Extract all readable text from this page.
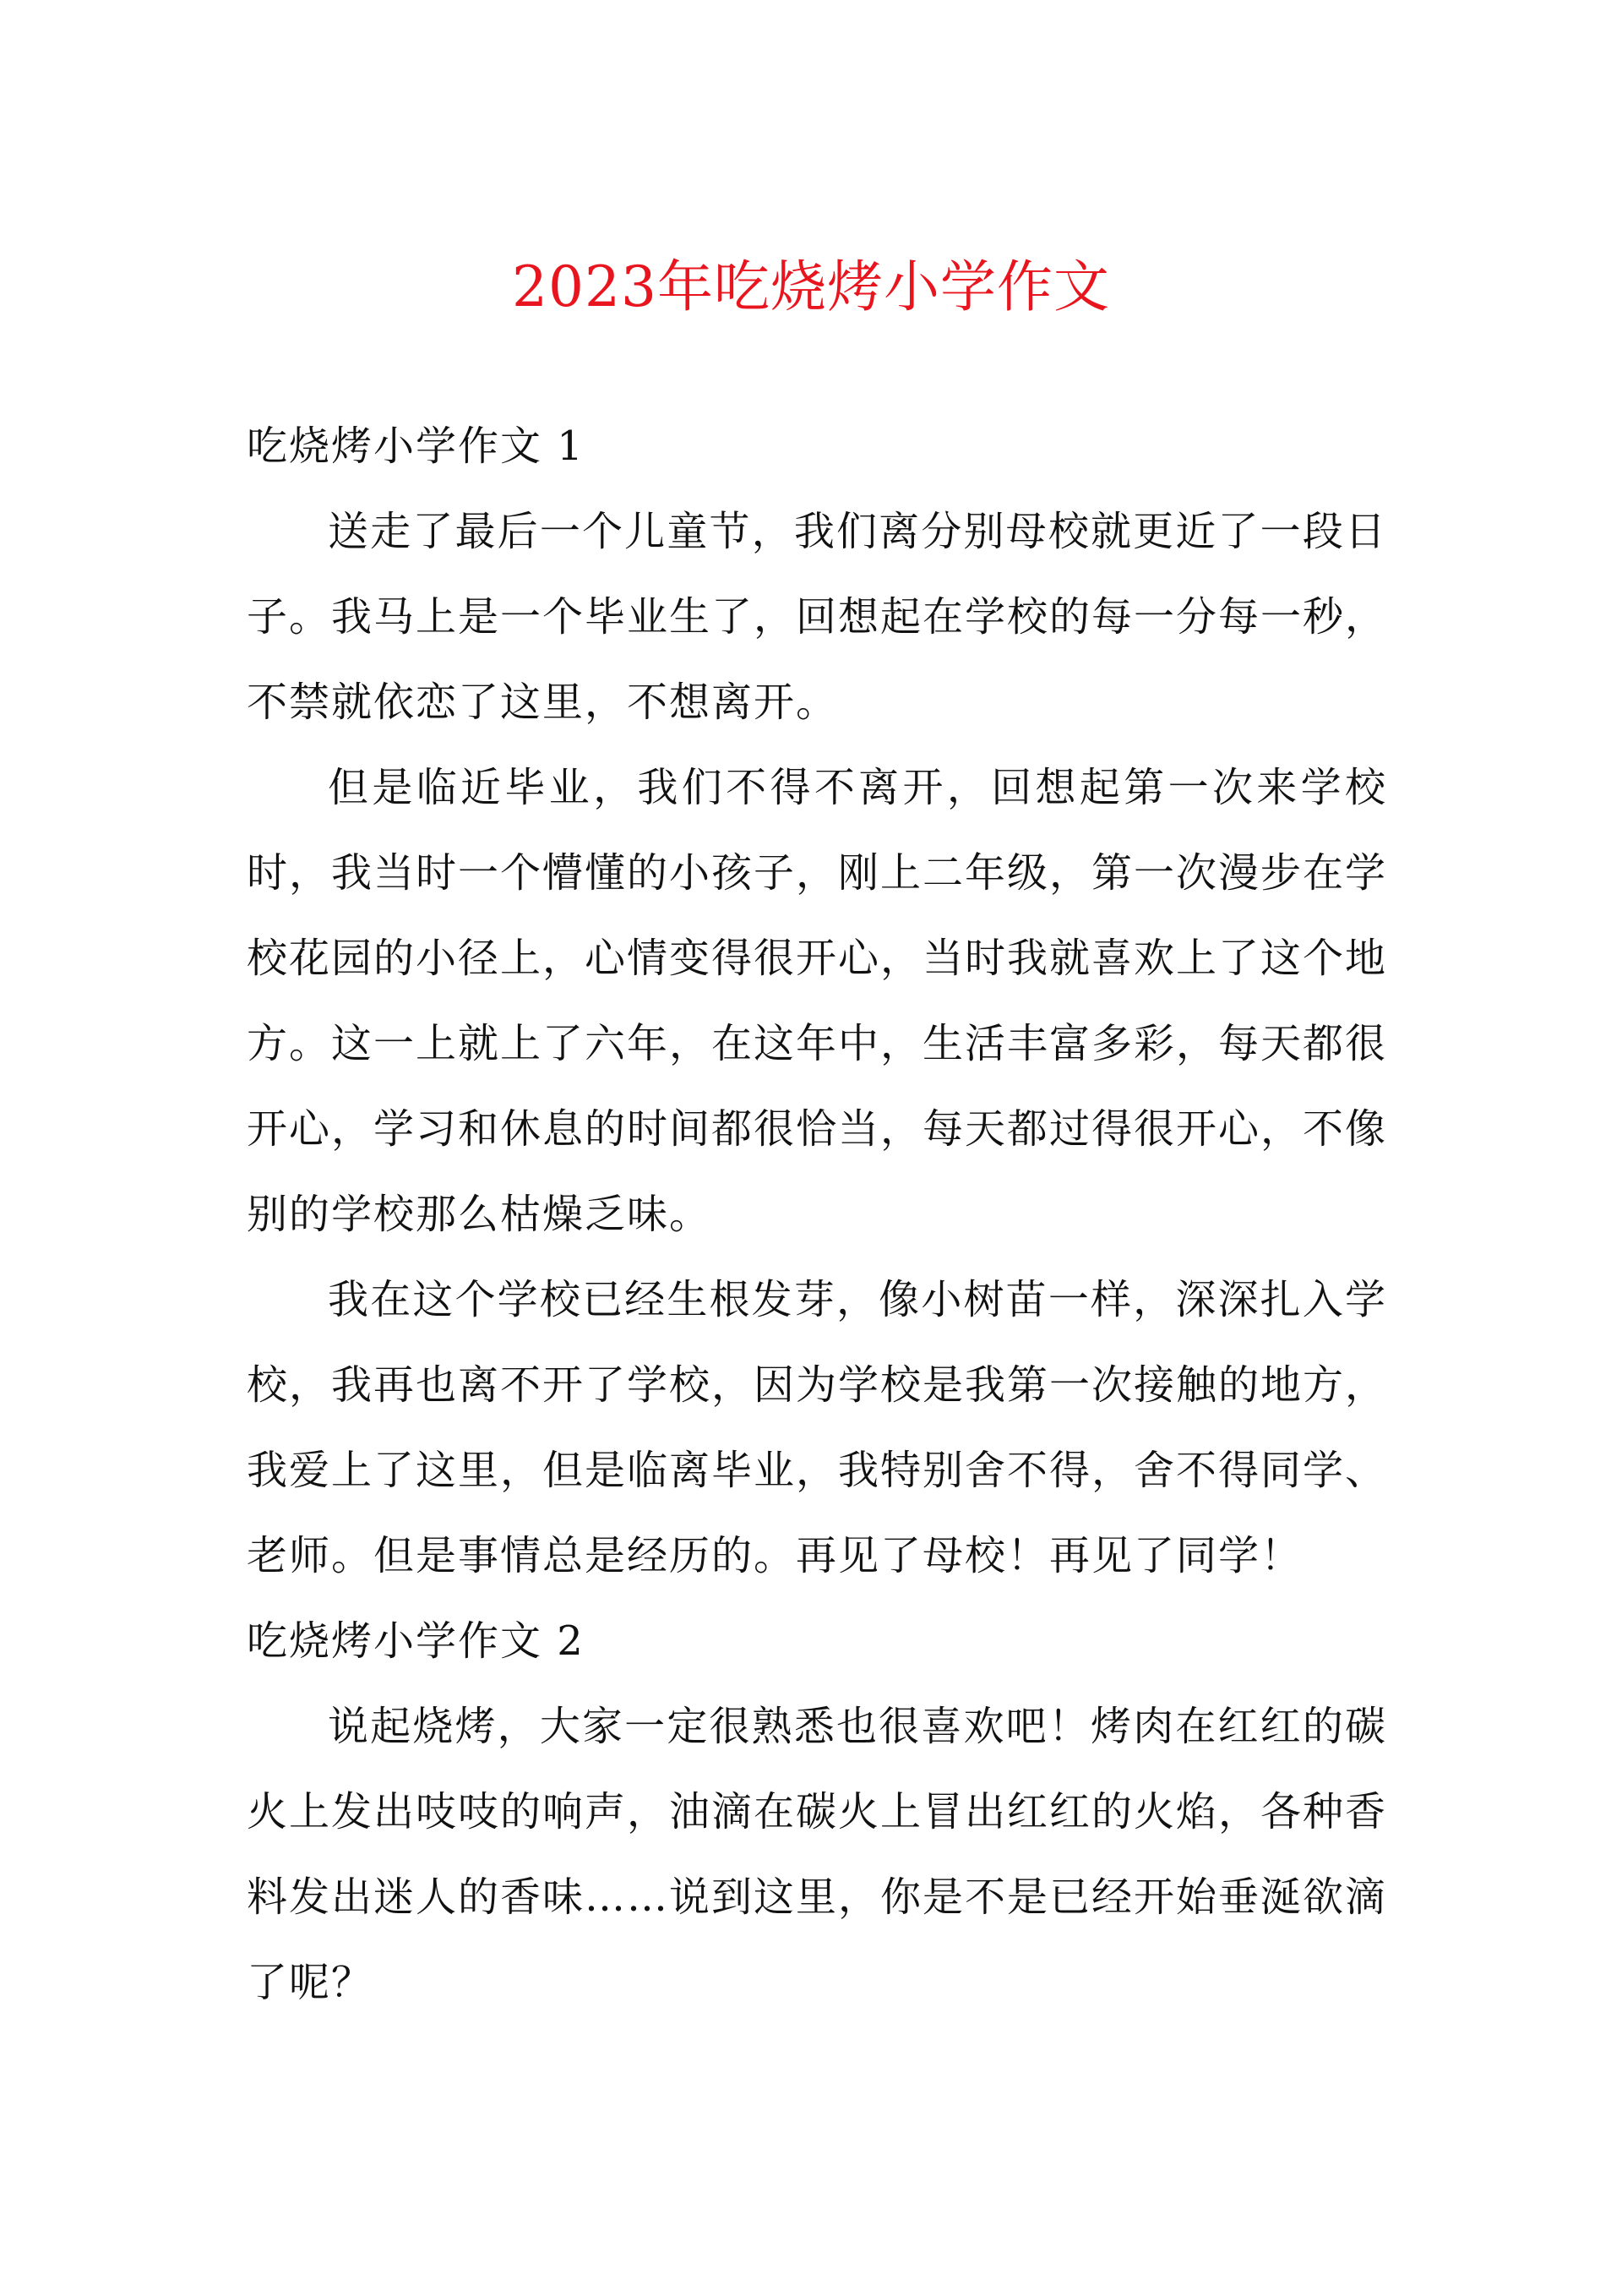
2023年吃烧烤小学作文

吃烧烤小学作文 1

送走了最后一个儿童节，我们离分别母校就更近了一段日子。我马上是一个毕业生了，回想起在学校的每一分每一秒，不禁就依恋了这里，不想离开。

但是临近毕业，我们不得不离开，回想起第一次来学校时，我当时一个懵懂的小孩子，刚上二年级，第一次漫步在学校花园的小径上，心情变得很开心，当时我就喜欢上了这个地方。这一上就上了六年，在这年中，生活丰富多彩，每天都很开心，学习和休息的时间都很恰当，每天都过得很开心，不像别的学校那么枯燥乏味。

我在这个学校已经生根发芽，像小树苗一样，深深扎入学校，我再也离不开了学校，因为学校是我第一次接触的地方，我爱上了这里，但是临离毕业，我特别舍不得，舍不得同学、老师。但是事情总是经历的。再见了母校！再见了同学！

吃烧烤小学作文 2

说起烧烤，大家一定很熟悉也很喜欢吧！烤肉在红红的碳火上发出吱吱的响声，油滴在碳火上冒出红红的火焰，各种香料发出迷人的香味……说到这里，你是不是已经开始垂涎欲滴了呢？
